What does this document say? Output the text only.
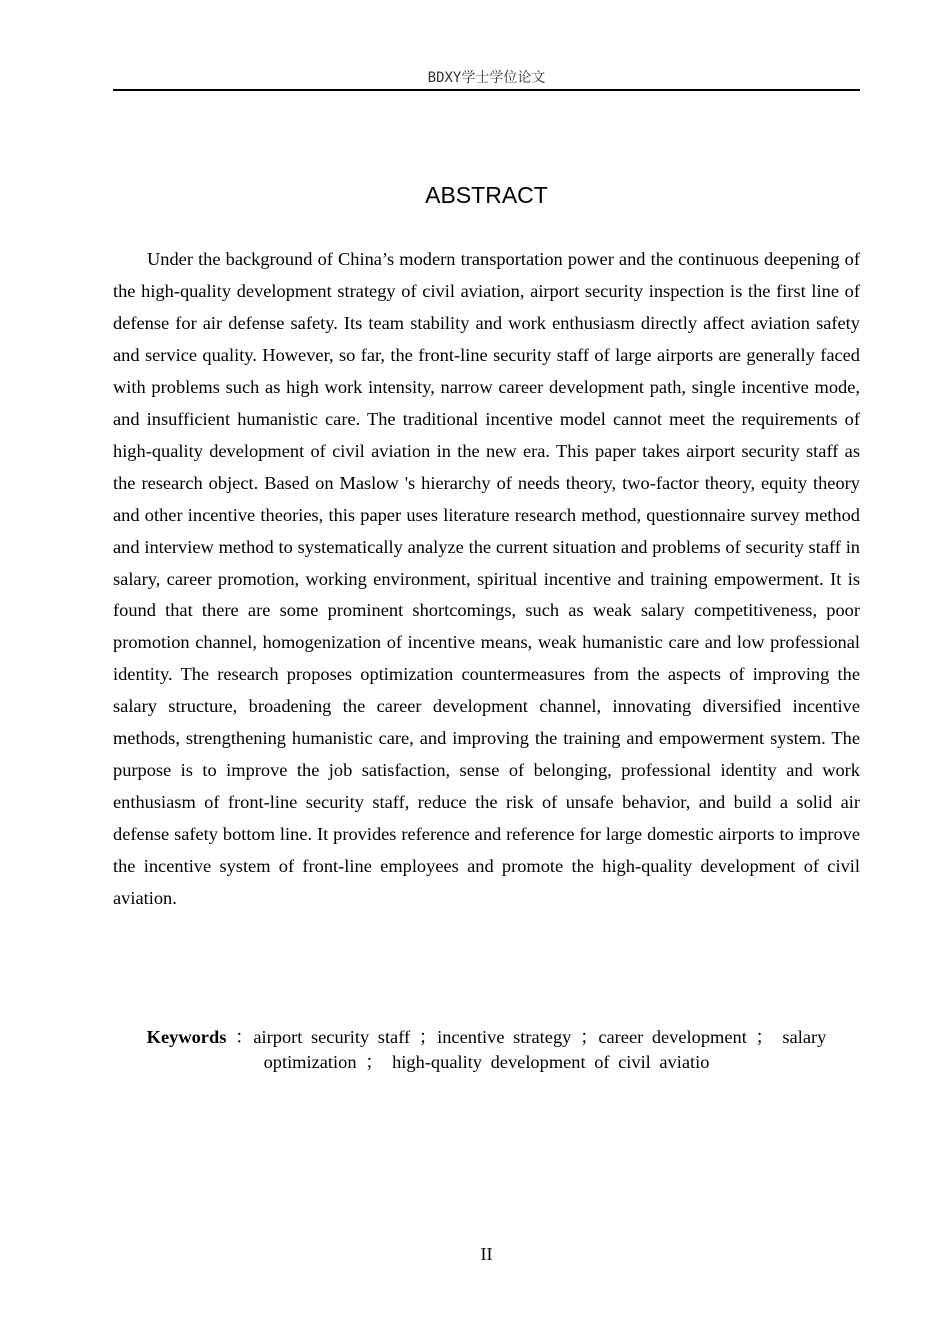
BDXY学士学位论文
ABSTRACT

Under the background of China’s modern transportation power and the continuous deepening of the high-quality development strategy of civil aviation, airport security inspection is the first line of defense for air defense safety. Its team stability and work enthusiasm directly affect aviation safety and service quality. However, so far, the front-line security staff of large airports are generally faced with problems such as high work intensity, narrow career development path, single incentive mode, and insufficient humanistic care. The traditional incentive model cannot meet the requirements of high-quality development of civil aviation in the new era. This paper takes airport security staff as the research object. Based on Maslow 's hierarchy of needs theory, two-factor theory, equity theory and other incentive theories, this paper uses literature research method, questionnaire survey method and interview method to systematically analyze the current situation and problems of security staff in salary, career promotion, working environment, spiritual incentive and training empowerment. It is found that there are some prominent shortcomings, such as weak salary competitiveness, poor promotion channel, homogenization of incentive means, weak humanistic care and low professional identity. The research proposes optimization countermeasures from the aspects of improving the salary structure, broadening the career development channel, innovating diversified incentive methods, strengthening humanistic care, and improving the training and empowerment system. The purpose is to improve the job satisfaction, sense of belonging, professional identity and work enthusiasm of front-line security staff, reduce the risk of unsafe behavior, and build a solid air defense safety bottom line. It provides reference and reference for large domestic airports to improve the incentive system of front-line employees and promote the high-quality development of civil aviation.

Keywords ：airport security staff ；incentive strategy ；career development ； salary optimization ； high-quality development of civil aviatio
II
